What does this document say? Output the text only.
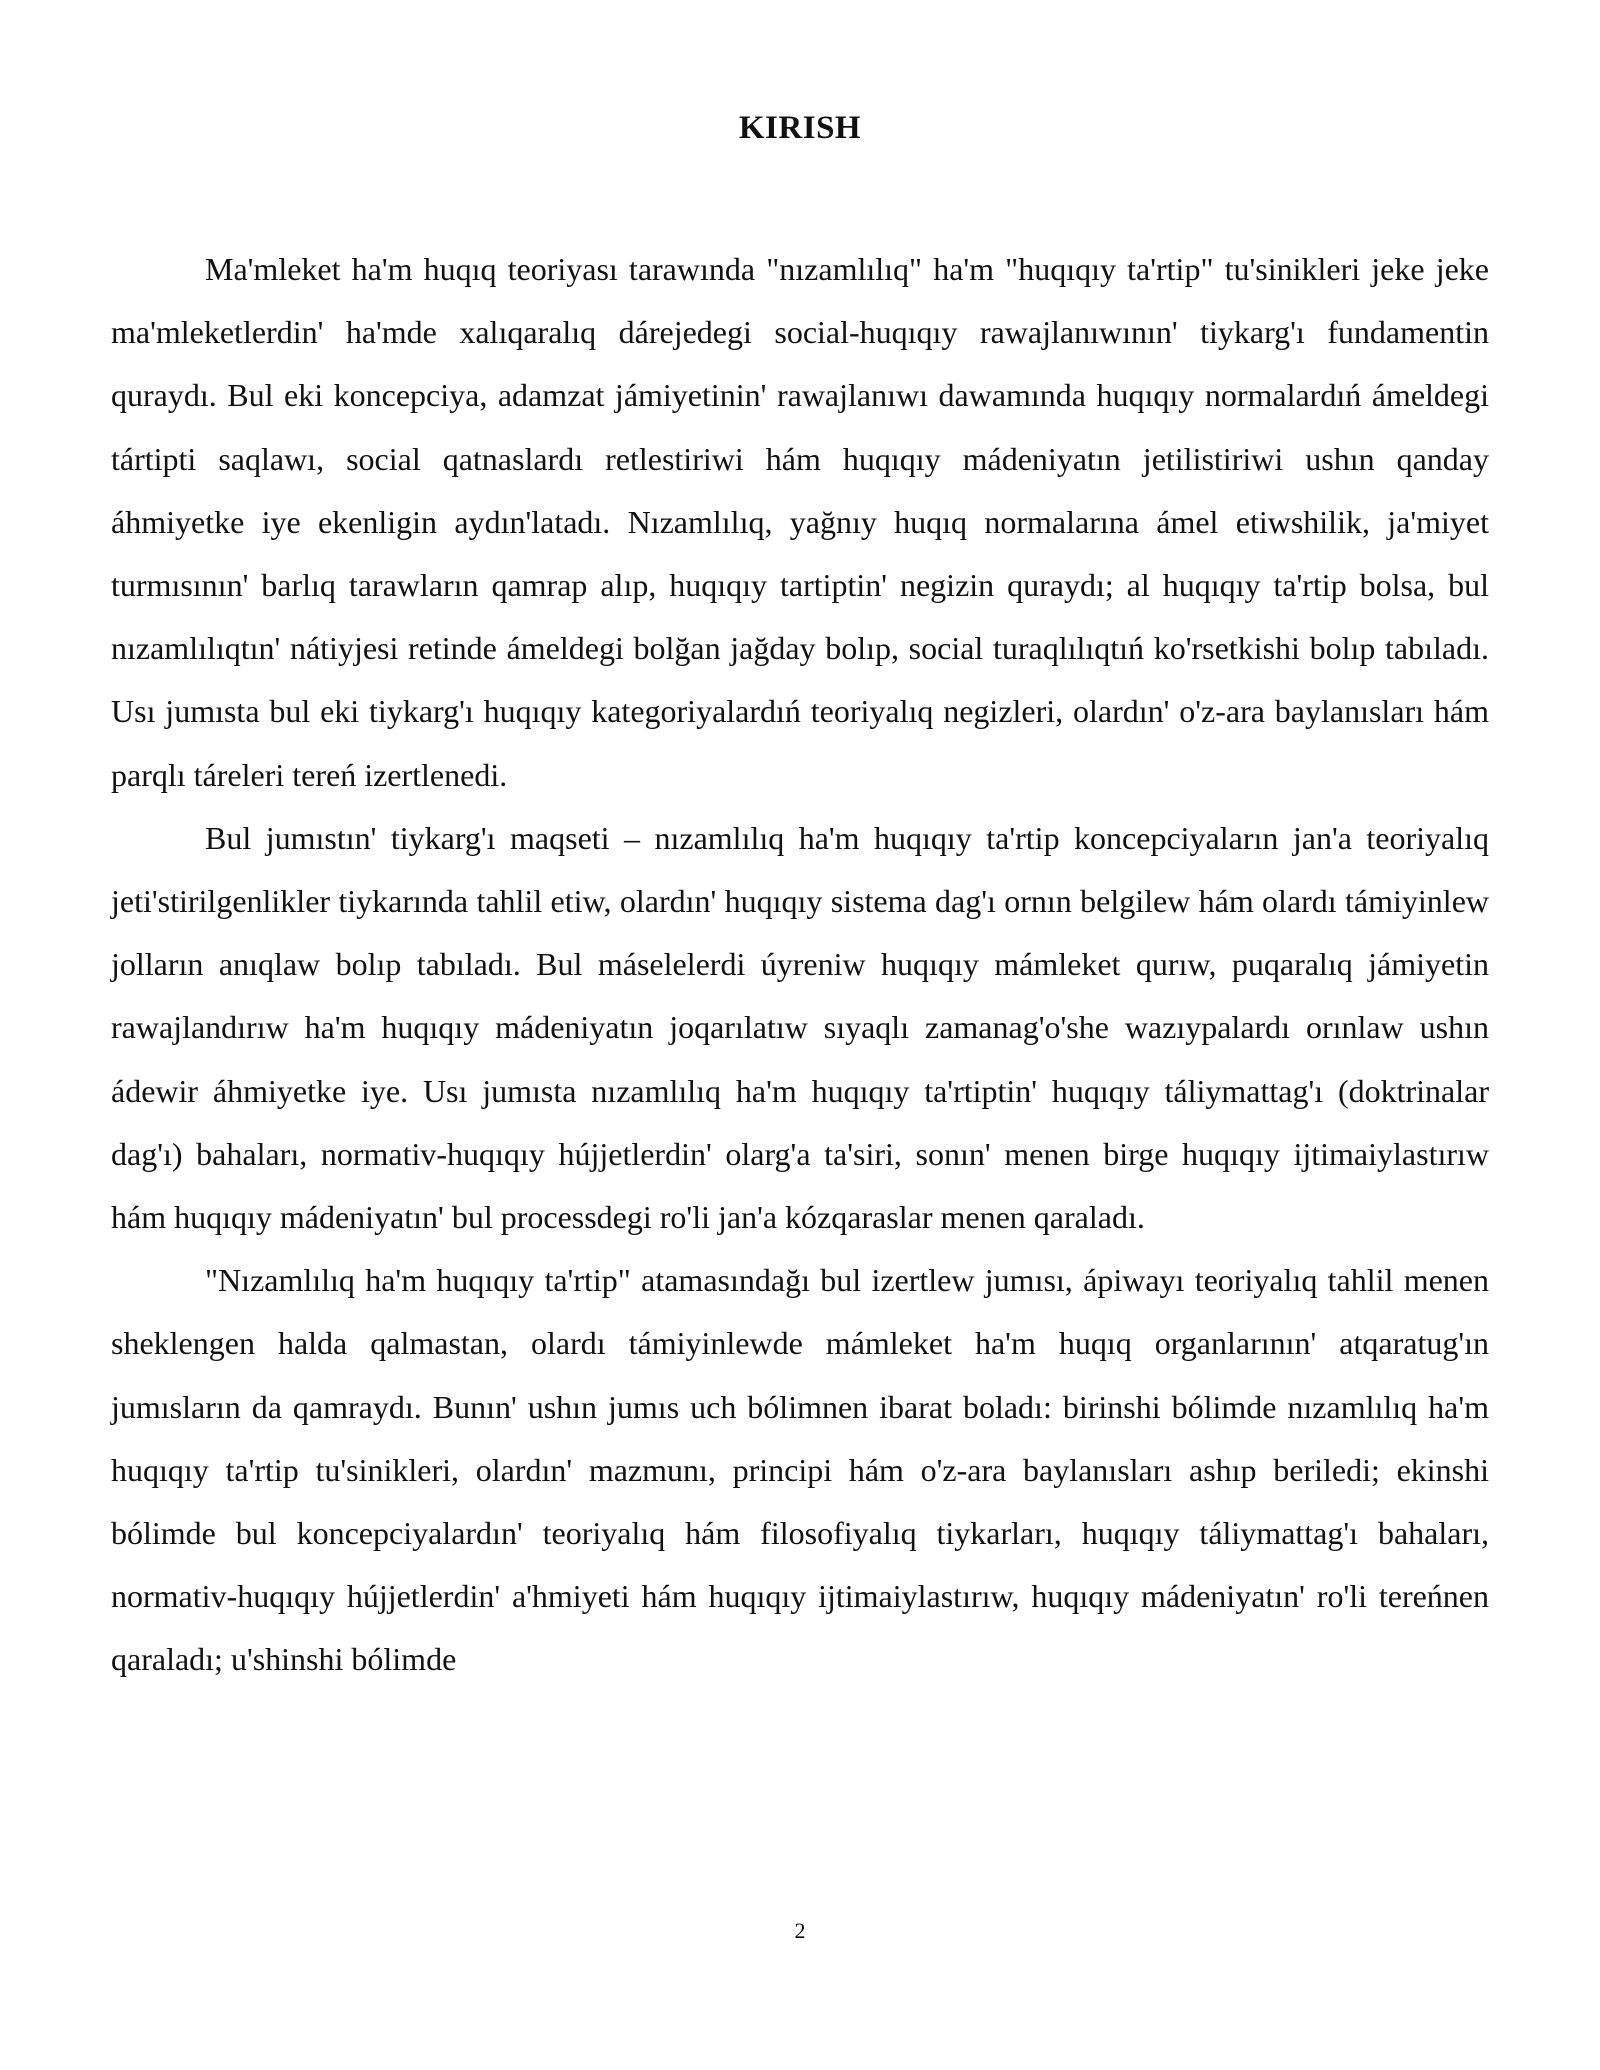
KIRISH

Ma'mleket ha'm huqıq teoriyası tarawında "nızamlılıq" ha'm "huqıqıy ta'rtip" tu'sinikleri jeke jeke ma'mleketlerdin' ha'mde xalıqaralıq dárejedegi social-huqıqıy rawajlanıwının' tiykarg'ı fundamentin quraydı. Bul eki koncepciya, adamzat jámiyetinin' rawajlanıwı dawamında huqıqıy normalardıń ámeldegi tártipti saqlawı, social qatnaslardı retlestiriwi hám huqıqıy mádeniyatın jetilistiriwi ushın qanday áhmiyetke iye ekenligin aydın'latadı. Nızamlılıq, yağnıy huqıq normalarına ámel etiwshilik, ja'miyet turmısının' barlıq tarawların qamrap alıp, huqıqıy tartiptin' negizin quraydı; al huqıqıy ta'rtip bolsa, bul nızamlılıqtın' nátiyjesi retinde ámeldegi bolğan jağday bolıp, social turaqlılıqtıń ko'rsetkishi bolıp tabıladı. Usı jumısta bul eki tiykarg'ı huqıqıy kategoriyalardıń teoriyalıq negizleri, olardın' o'z-ara baylanısları hám parqlı táreleri tereń izertlenedi.

Bul jumıstın' tiykarg'ı maqseti – nızamlılıq ha'm huqıqıy ta'rtip koncepciyaların jan'a teoriyalıq jeti'stirilgenlikler tiykarında tahlil etiw, olardın' huqıqıy sistema dag'ı ornın belgilew hám olardı támiyinlew jolların anıqlaw bolıp tabıladı. Bul máselelerdi úyreniw huqıqıy mámleket qurıw, puqaralıq jámiyetin rawajlandırıw ha'm huqıqıy mádeniyatın joqarılatıw sıyaqlı zamanag'o'she wazıypalardı orınlaw ushın ádewir áhmiyetke iye. Usı jumısta nızamlılıq ha'm huqıqıy ta'rtiptin' huqıqıy táliymattag'ı (doktrinalar dag'ı) bahaları, normativ-huqıqıy hújjetlerdin' olarg'a ta'siri, sonın' menen birge huqıqıy ijtimaiylastırıw hám huqıqıy mádeniyatın' bul processdegi ro'li jan'a kózqaraslar menen qaraladı.

"Nızamlılıq ha'm huqıqıy ta'rtip" atamasındağı bul izertlew jumısı, ápiwayı teoriyalıq tahlil menen sheklengen halda qalmastan, olardı támiyinlewde mámleket ha'm huqıq organlarının' atqaratug'ın jumısların da qamraydı. Bunın' ushın jumıs uch bólimnen ibarat boladı: birinshi bólimde nızamlılıq ha'm huqıqıy ta'rtip tu'sinikleri, olardın' mazmunı, principi hám o'z-ara baylanısları ashıp beriledi; ekinshi bólimde bul koncepciyalardın' teoriyalıq hám filosofiyalıq tiykarları, huqıqıy táliymattag'ı bahaları, normativ-huqıqıy hújjetlerdin' a'hmiyeti hám huqıqıy ijtimaiylastırıw, huqıqıy mádeniyatın' ro'li tereńnen qaraladı; u'shinshi bólimde

2
